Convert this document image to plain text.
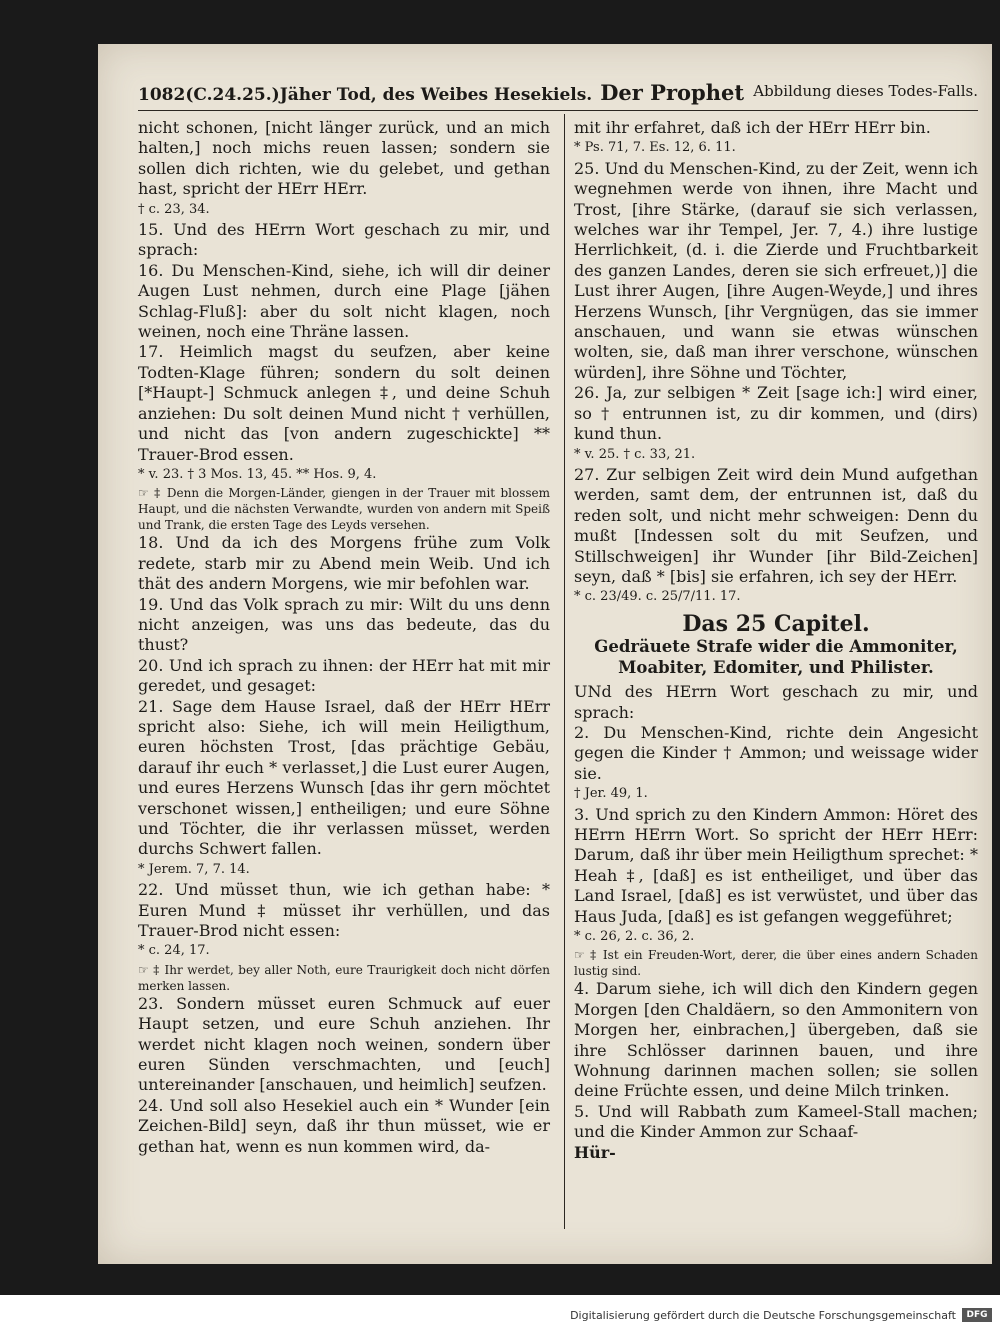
1082(C.24.25.)Jäher Tod, des Weibes Hesekiels. Der Prophet Abbildung dieses Todes-Falls.

nicht schonen, [nicht länger zurück, und an mich halten,] noch michs reuen lassen; sondern sie sollen dich richten, wie du gelebet, und gethan hast, spricht der HErr HErr.

† c. 23, 34.

15. Und des HErrn Wort geschach zu mir, und sprach:

16. Du Menschen-Kind, siehe, ich will dir deiner Augen Lust nehmen, durch eine Plage [jähen Schlag-Fluß]: aber du solt nicht klagen, noch weinen, noch eine Thräne lassen.

17. Heimlich magst du seufzen, aber keine Todten-Klage führen; sondern du solt deinen [*Haupt-] Schmuck anlegen ‡, und deine Schuh anziehen: Du solt deinen Mund nicht † verhüllen, und nicht das [von andern zugeschickte] ** Trauer-Brod essen.

* v. 23. † 3 Mos. 13, 45. ** Hos. 9, 4.

☞ ‡ Denn die Morgen-Länder, giengen in der Trauer mit blossem Haupt, und die nächsten Verwandte, wurden von andern mit Speiß und Trank, die ersten Tage des Leyds versehen.

18. Und da ich des Morgens frühe zum Volk redete, starb mir zu Abend mein Weib. Und ich thät des andern Morgens, wie mir befohlen war.

19. Und das Volk sprach zu mir: Wilt du uns denn nicht anzeigen, was uns das bedeute, das du thust?

20. Und ich sprach zu ihnen: der HErr hat mit mir geredet, und gesaget:

21. Sage dem Hause Israel, daß der HErr HErr spricht also: Siehe, ich will mein Heiligthum, euren höchsten Trost, [das prächtige Gebäu, darauf ihr euch * verlasset,] die Lust eurer Augen, und eures Herzens Wunsch [das ihr gern möchtet verschonet wissen,] entheiligen; und eure Söhne und Töchter, die ihr verlassen müsset, werden durchs Schwert fallen.

* Jerem. 7, 7. 14.

22. Und müsset thun, wie ich gethan habe: * Euren Mund ‡ müsset ihr verhüllen, und das Trauer-Brod nicht essen:

* c. 24, 17.

☞ ‡ Ihr werdet, bey aller Noth, eure Traurigkeit doch nicht dörfen merken lassen.

23. Sondern müsset euren Schmuck auf euer Haupt setzen, und eure Schuh anziehen. Ihr werdet nicht klagen noch weinen, sondern über euren Sünden verschmachten, und [euch] untereinander [anschauen, und heimlich] seufzen.

24. Und soll also Hesekiel auch ein * Wunder [ein Zeichen-Bild] seyn, daß ihr thun müsset, wie er gethan hat, wenn es nun kommen wird, da-

mit ihr erfahret, daß ich der HErr HErr bin.

* Ps. 71, 7. Es. 12, 6. 11.

25. Und du Menschen-Kind, zu der Zeit, wenn ich wegnehmen werde von ihnen, ihre Macht und Trost, [ihre Stärke, (darauf sie sich verlassen, welches war ihr Tempel, Jer. 7, 4.) ihre lustige Herrlichkeit, (d. i. die Zierde und Fruchtbarkeit des ganzen Landes, deren sie sich erfreuet,)] die Lust ihrer Augen, [ihre Augen-Weyde,] und ihres Herzens Wunsch, [ihr Vergnügen, das sie immer anschauen, und wann sie etwas wünschen wolten, sie, daß man ihrer verschone, wünschen würden], ihre Söhne und Töchter,

26. Ja, zur selbigen * Zeit [sage ich:] wird einer, so † entrunnen ist, zu dir kommen, und (dirs) kund thun.

* v. 25. † c. 33, 21.

27. Zur selbigen Zeit wird dein Mund aufgethan werden, samt dem, der entrunnen ist, daß du reden solt, und nicht mehr schweigen: Denn du mußt [Indessen solt du mit Seufzen, und Stillschweigen] ihr Wunder [ihr Bild-Zeichen] seyn, daß * [bis] sie erfahren, ich sey der HErr.

* c. 23/49. c. 25/7/11. 17.

Das 25 Capitel.
Gedräuete Strafe wider die Ammoniter, Moabiter, Edomiter, und Philister.

UNd des HErrn Wort geschach zu mir, und sprach:

2. Du Menschen-Kind, richte dein Angesicht gegen die Kinder † Ammon; und weissage wider sie.

† Jer. 49, 1.

3. Und sprich zu den Kindern Ammon: Höret des HErrn HErrn Wort. So spricht der HErr HErr: Darum, daß ihr über mein Heiligthum sprechet: * Heah ‡, [daß] es ist entheiliget, und über das Land Israel, [daß] es ist verwüstet, und über das Haus Juda, [daß] es ist gefangen weggeführet;

* c. 26, 2. c. 36, 2.

☞ ‡ Ist ein Freuden-Wort, derer, die über eines andern Schaden lustig sind.

4. Darum siehe, ich will dich den Kindern gegen Morgen [den Chaldäern, so den Ammonitern von Morgen her, einbrachen,] übergeben, daß sie ihre Schlösser darinnen bauen, und ihre Wohnung darinnen machen sollen; sie sollen deine Früchte essen, und deine Milch trinken.

5. Und will Rabbath zum Kameel-Stall machen; und die Kinder Ammon zur Schaaf-

Hür-

Digitalisierung gefördert durch die Deutsche Forschungsgemeinschaft	DFG
